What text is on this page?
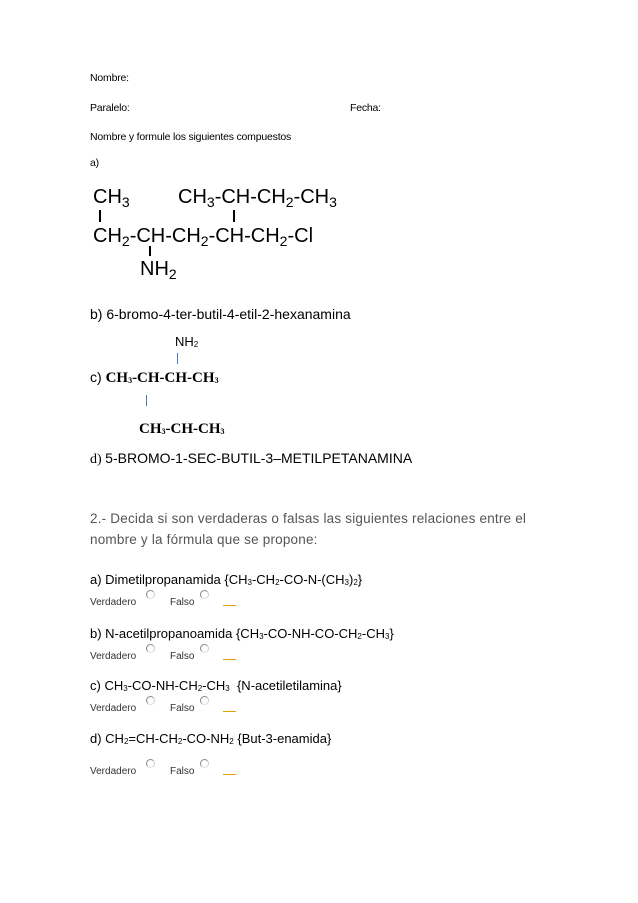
Nombre:
Paralelo:	Fecha:
Nombre y formule los siguientes compuestos
a)
$CH_3$ $CH_3-CH-CH_2-CH_3$
$CH_2-CH-CH_2-CH-CH_2-Cl$
$NH_2$
b) 6-bromo-4-ter-butil-4-etil-2-hexanamina
$NH_2$
c) $CH_3-CH-CH-CH_3$
$CH_3-CH-CH_3$
d) 5-BROMO-1-SEC-BUTIL-3–METILPETANAMINA
2.- Decida si son verdaderas o falsas las siguientes relaciones entre el
nombre y la fórmula que se propone:
a) Dimetilpropanamida $\{CH_3-CH_2-CO-N-(CH_3)_2\}$
Verdadero	Falso
b) N-acetilpropanoamida $\{CH_3-CO-NH-CO-CH_2-CH_3\}$
Verdadero	Falso
c) $CH_3-CO-NH-CH_2-CH_3$  {N-acetiletilamina}
Verdadero	Falso
d) $CH_2=CH-CH_2-CO-NH_2$ {But-3-enamida}
Verdadero	Falso
